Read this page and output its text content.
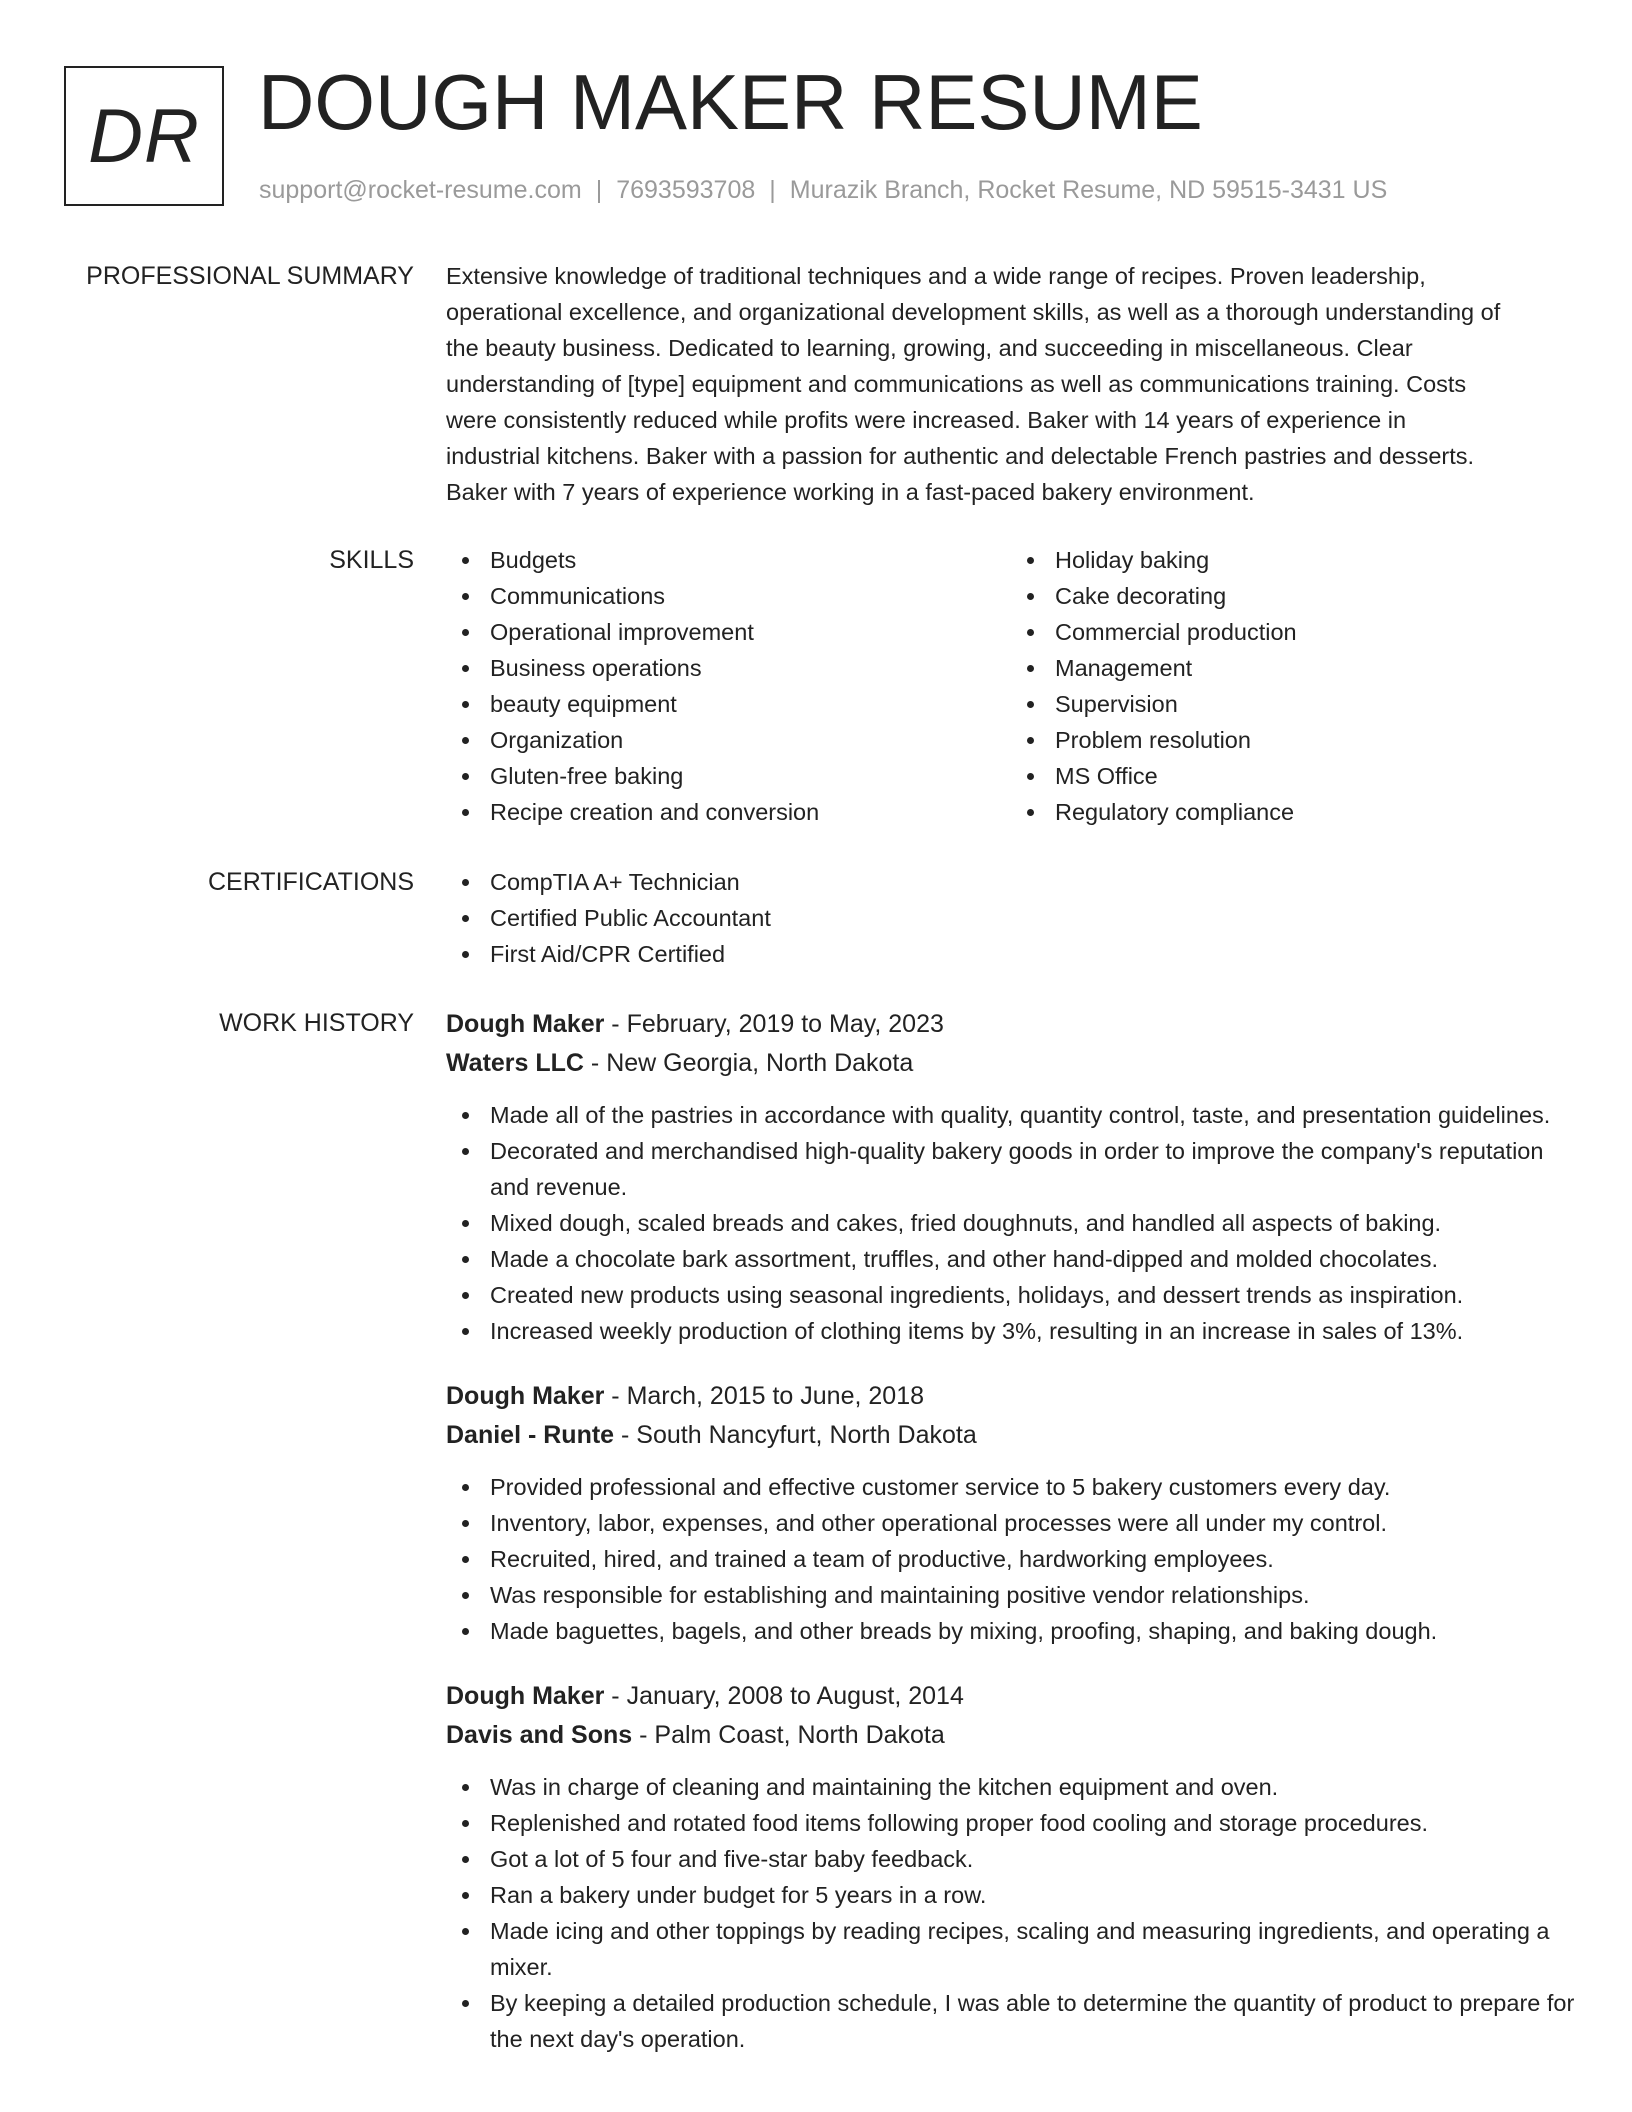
DR DOUGH MAKER RESUME
support@rocket-resume.com | 7693593708 | Murazik Branch, Rocket Resume, ND 59515-3431 US
PROFESSIONAL SUMMARY Extensive knowledge of traditional techniques and a wide range of recipes. Proven leadership,
operational excellence, and organizational development skills, as well as a thorough understanding of
the beauty business. Dedicated to learning, growing, and succeeding in miscellaneous. Clear
understanding of [type] equipment and communications as well as communications training. Costs
were consistently reduced while profits were increased. Baker with 14 years of experience in
industrial kitchens. Baker with a passion for authentic and delectable French pastries and desserts.
Baker with 7 years of experience working in a fast-paced bakery environment.

SKILLS	Budgets
Communications
Operational improvement
Business operations
beauty equipment
Organization
Gluten-free baking
Recipe creation and conversion
Holiday baking
Cake decorating
Commercial production
Management
Supervision
Problem resolution
MS Office
Regulatory compliance
CERTIFICATIONS	CompTIA A+ Technician
Certified Public Accountant
First Aid/CPR Certified
WORK HISTORY Dough Maker - February, 2019 to May, 2023
Waters LLC - New Georgia, North Dakota
Made all of the pastries in accordance with quality, quantity control, taste, and presentation guidelines.
Decorated and merchandised high-quality bakery goods in order to improve the company's reputation and revenue.
Mixed dough, scaled breads and cakes, fried doughnuts, and handled all aspects of baking.
Made a chocolate bark assortment, truffles, and other hand-dipped and molded chocolates.
Created new products using seasonal ingredients, holidays, and dessert trends as inspiration.
Increased weekly production of clothing items by 3%, resulting in an increase in sales of 13%.
Dough Maker - March, 2015 to June, 2018
Daniel - Runte - South Nancyfurt, North Dakota
Provided professional and effective customer service to 5 bakery customers every day.
Inventory, labor, expenses, and other operational processes were all under my control.
Recruited, hired, and trained a team of productive, hardworking employees.
Was responsible for establishing and maintaining positive vendor relationships.
Made baguettes, bagels, and other breads by mixing, proofing, shaping, and baking dough.
Dough Maker - January, 2008 to August, 2014
Davis and Sons - Palm Coast, North Dakota
Was in charge of cleaning and maintaining the kitchen equipment and oven.
Replenished and rotated food items following proper food cooling and storage procedures.
Got a lot of 5 four and five-star baby feedback.
Ran a bakery under budget for 5 years in a row.
Made icing and other toppings by reading recipes, scaling and measuring ingredients, and operating a mixer.
By keeping a detailed production schedule, I was able to determine the quantity of product to prepare for the next day's operation.
